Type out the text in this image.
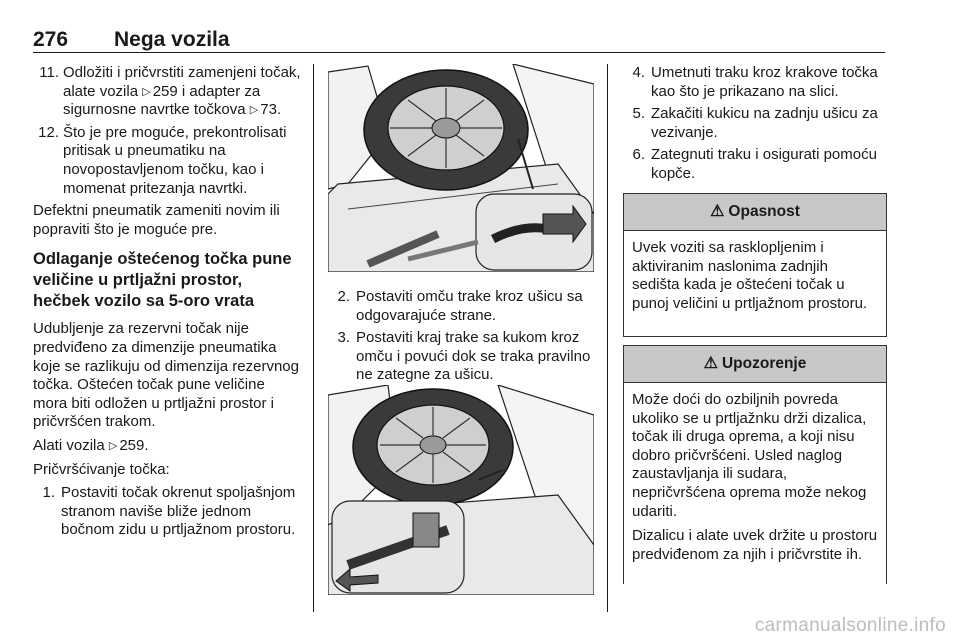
276 Nega vozila
11. Odložiti i pričvrstiti zamenjeni točak, alate vozila ▷ 259 i adapter za sigurnosne navrtke točkova ▷ 73.
12. Što je pre moguće, prekontrolisati pritisak u pneumatiku na novopostavljenom točku, kao i momenat pritezanja navrtki.

Defektni pneumatik zameniti novim ili popraviti što je moguće pre.

Odlaganje oštećenog točka pune veličine u prtljažni prostor, hečbek vozilo sa 5-oro vrata

Udubljenje za rezervni točak nije predviđeno za dimenzije pneumatika koje se razlikuju od dimenzija rezervnog točka. Oštećen točak pune veličine mora biti odložen u prtljažni prostor i pričvršćen trakom.

Alati vozila ▷ 259.

Pričvršćivanje točka:

1. Postaviti točak okrenut spoljašnjom stranom naviše bliže jednom bočnom zidu u prtljažnom prostoru.
2. Postaviti omču trake kroz ušicu sa odgovarajuće strane.
3. Postaviti kraj trake sa kukom kroz omču i povući dok se traka pravilno ne zategne za ušicu.
4. Umetnuti traku kroz krakove točka kao što je prikazano na slici.
5. Zakačiti kukicu na zadnju ušicu za vezivanje.
6. Zategnuti traku i osigurati pomoću kopče.
⚠ Opasnost

Uvek voziti sa rasklopljenim i aktiviranim naslonima zadnjih sedišta kada je oštećeni točak u punoj veličini u prtljažnom prostoru.

⚠ Upozorenje

Može doći do ozbiljnih povreda ukoliko se u prtljažnku drži dizalica, točak ili druga oprema, a koji nisu dobro pričvršćeni. Usled naglog zaustavljanja ili sudara, nepričvršćena oprema može nekog udariti.

Dizalicu i alate uvek držite u prostoru predviđenom za njih i pričvrstite ih.

carmanualsonline.info
